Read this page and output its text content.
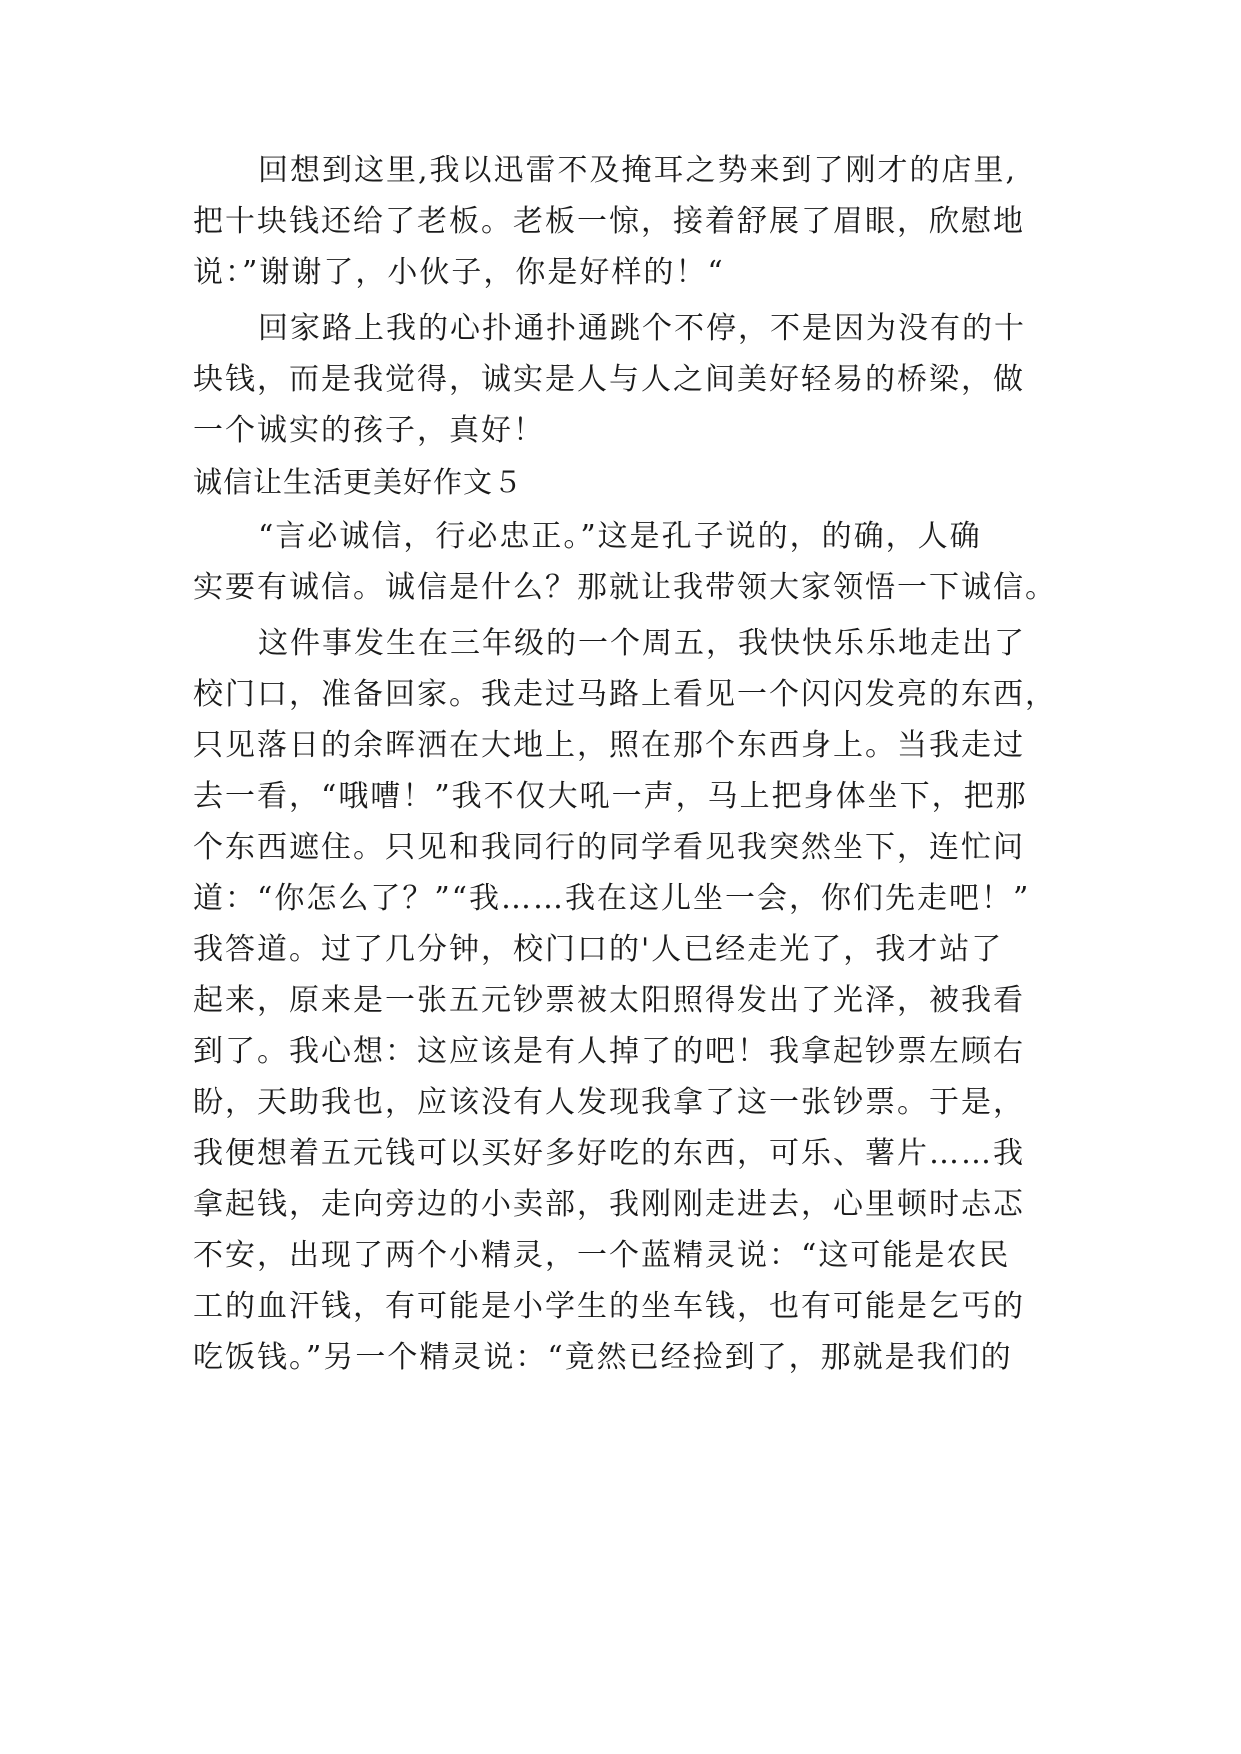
回想到这里,我以迅雷不及掩耳之势来到了刚才的店里,
把十块钱还给了老板。老板一惊，接着舒展了眉眼，欣慰地
说：”谢谢了，小伙子，你是好样的！“
回家路上我的心扑通扑通跳个不停，不是因为没有的十
块钱，而是我觉得，诚实是人与人之间美好轻易的桥梁，做
一个诚实的孩子，真好！
诚信让生活更美好作文５
“言必诚信，行必忠正。”这是孔子说的，的确，人确
实要有诚信。诚信是什么？那就让我带领大家领悟一下诚信。
这件事发生在三年级的一个周五，我快快乐乐地走出了
校门口，准备回家。我走过马路上看见一个闪闪发亮的东西，
只见落日的余晖洒在大地上，照在那个东西身上。当我走过
去一看，“哦嘈！”我不仅大吼一声，马上把身体坐下，把那
个东西遮住。只见和我同行的同学看见我突然坐下，连忙问
道：“你怎么了？”“我……我在这儿坐一会，你们先走吧！”
我答道。过了几分钟，校门口的'人已经走光了，我才站了
起来，原来是一张五元钞票被太阳照得发出了光泽，被我看
到了。我心想：这应该是有人掉了的吧！我拿起钞票左顾右
盼，天助我也，应该没有人发现我拿了这一张钞票。于是，
我便想着五元钱可以买好多好吃的东西，可乐、薯片……我
拿起钱，走向旁边的小卖部，我刚刚走进去，心里顿时忐忑
不安，出现了两个小精灵，一个蓝精灵说：“这可能是农民
工的血汗钱，有可能是小学生的坐车钱，也有可能是乞丐的
吃饭钱。”另一个精灵说：“竟然已经捡到了，那就是我们的
